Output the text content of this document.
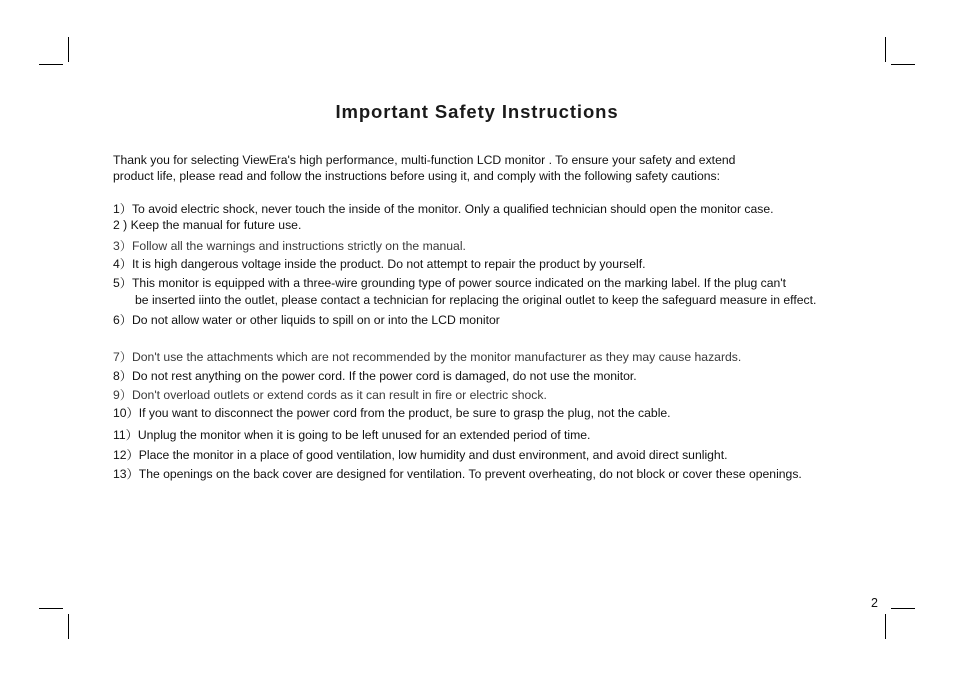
Important Safety Instructions
Thank you for selecting ViewEra's high performance, multi-function LCD monitor . To ensure your safety and extend
product life, please read and follow the instructions before using it, and comply with the following safety cautions:
1）To avoid electric shock, never touch the inside of the monitor. Only a qualified technician should open the monitor case.
2 ) Keep the manual for future use.
3）Follow all the warnings and instructions strictly on the manual.
4）It is high dangerous voltage inside the product. Do not attempt to repair the product by yourself.
5）This monitor is equipped with a three-wire grounding type of power source indicated on the marking label. If the plug can't
be inserted iinto the outlet, please contact a technician for replacing the original outlet to keep the safeguard measure in effect.
6）Do not allow water or other liquids to spill on or into the LCD monitor
7）Don't use the attachments which are not recommended by the monitor manufacturer as they may cause hazards.
8）Do not rest anything on the power cord. If the power cord is damaged, do not use the monitor.
9）Don't overload outlets or extend cords as it can result in fire or electric shock.
10）If you want to disconnect the power cord from the product, be sure to grasp the plug, not the cable.
11）Unplug the monitor when it is going to be left unused for an extended period of time.
12）Place the monitor in a place of good ventilation, low humidity and dust environment, and avoid direct sunlight.
13）The openings on the back cover are designed for ventilation. To prevent overheating, do not block or cover these openings.
2
